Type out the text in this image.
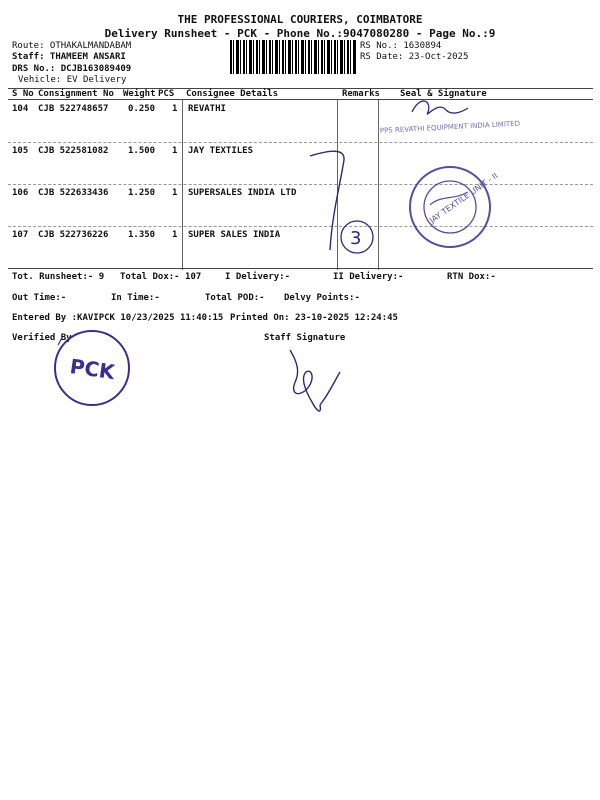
THE PROFESSIONAL COURIERS, COIMBATORE
Delivery Runsheet - PCK - Phone No.:9047080280 - Page No.:9
Route: OTHAKALMANDABAM
Staff: THAMEEM ANSARI
DRS No.: DCJB163089409
Vehicle: EV Delivery
RS No.: 1630894
RS Date: 23-Oct-2025
S No Consignment No Weight PCS Consignee Details	Remarks Seal & Signature
104 CJB 522748657 0.250 1 REVATHI
105 CJB 522581082 1.500 1 JAY TEXTILES
106 CJB 522633436 1.250 1 SUPERSALES INDIA LTD
107 CJB 522736226 1.350 1 SUPER SALES INDIA
Tot. Runsheet:- 9 Total Dox:- 107	I Delivery:-	II Delivery:-	RTN Dox:-
Out Time:-	In Time:-	Total POD:- Delvy Points:-
Entered By :KAVIPCK 10/23/2025 11:40:15 Printed On: 23-10-2025 12:24:45
Verified By	Staff Signature
PPS REVATHI EQUIPMENT INDIA LIMITED
3
JAY TEXTILE UNIT - II
PCK
